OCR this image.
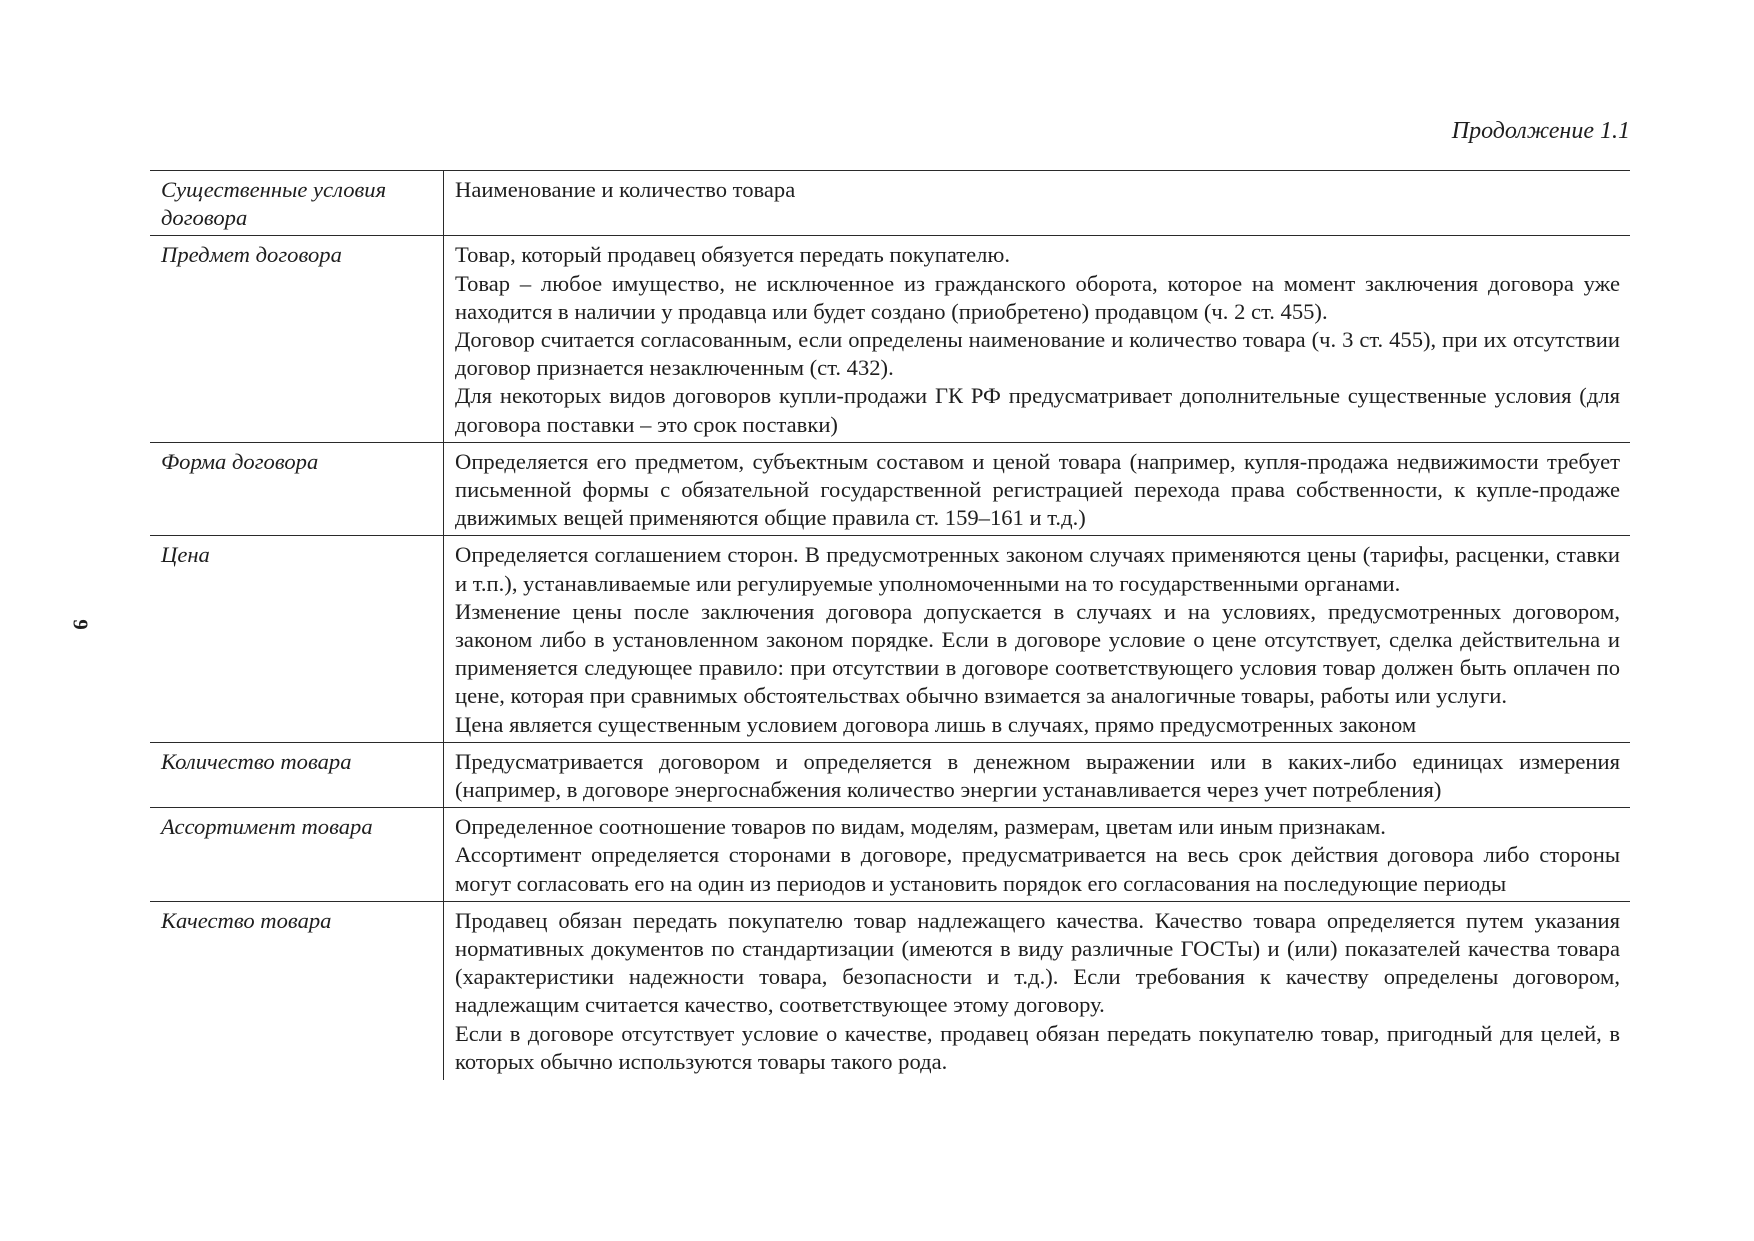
9
Продолжение 1.1
Существенные условия договора	Наименование и количество товара

Предмет договора	Товар, который продавец обязуется передать покупателю.

Товар – любое имущество, не исключенное из гражданского оборота, которое на момент заключения договора уже находится в наличии у продавца или будет создано (приобретено) продавцом (ч. 2 ст. 455).

Договор считается согласованным, если определены наименование и количество товара (ч. 3 ст. 455), при их отсутствии договор признается незаключенным (ст. 432).

Для некоторых видов договоров купли-продажи ГК РФ предусматривает дополнительные существенные условия (для договора поставки – это срок поставки)

Форма договора	Определяется его предметом, субъектным составом и ценой товара (например, купля-продажа недвижимости требует письменной формы с обязательной государственной регистрацией перехода права собственности, к купле-продаже движимых вещей применяются общие правила ст. 159–161 и т.д.)

Цена	Определяется соглашением сторон. В предусмотренных законом случаях применяются цены (тарифы, расценки, ставки и т.п.), устанавливаемые или регулируемые уполномоченными на то государственными органами.

Изменение цены после заключения договора допускается в случаях и на условиях, предусмотренных договором, законом либо в установленном законом порядке. Если в договоре условие о цене отсутствует, сделка действительна и применяется следующее правило: при отсутствии в договоре соответствующего условия товар должен быть оплачен по цене, которая при сравнимых обстоятельствах обычно взимается за аналогичные товары, работы или услуги.

Цена является существенным условием договора лишь в случаях, прямо предусмотренных законом

Количество товара	Предусматривается договором и определяется в денежном выражении или в каких-либо единицах измерения (например, в договоре энергоснабжения количество энергии устанавливается через учет потребления)

Ассортимент товара	Определенное соотношение товаров по видам, моделям, размерам, цветам или иным признакам.

Ассортимент определяется сторонами в договоре, предусматривается на весь срок действия договора либо стороны могут согласовать его на один из периодов и установить порядок его согласования на последующие периоды

Качество товара	Продавец обязан передать покупателю товар надлежащего качества. Качество товара определяется путем указания нормативных документов по стандартизации (имеются в виду различные ГОСТы) и (или) показателей качества товара (характеристики надежности товара, безопасности и т.д.). Если требования к качеству определены договором, надлежащим считается качество, соответствующее этому договору.

Если в договоре отсутствует условие о качестве, продавец обязан передать покупателю товар, пригодный для целей, в которых обычно используются товары такого рода.
